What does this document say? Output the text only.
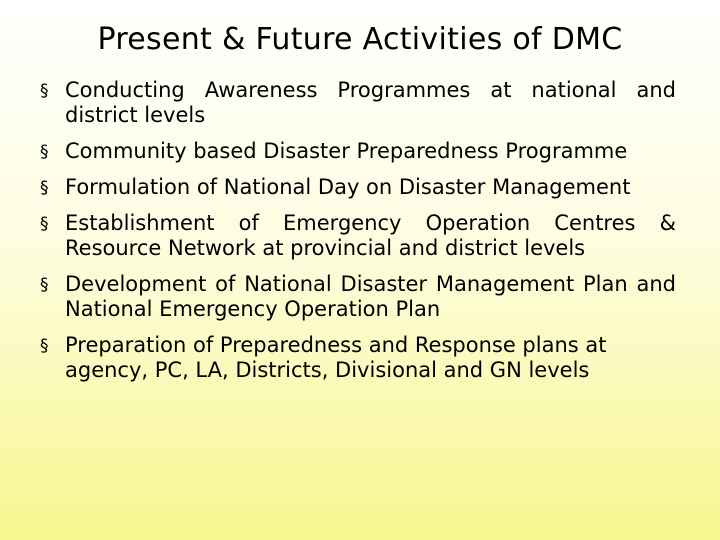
Present & Future Activities of DMC
§ Conducting Awareness Programmes at national and district levels
§ Community based Disaster Preparedness Programme
§ Formulation of National Day on Disaster Management
§ Establishment of Emergency Operation Centres & Resource Network at provincial and district levels
§ Development of National Disaster Management Plan and National Emergency Operation Plan
§ Preparation of Preparedness and Response plans at agency, PC, LA, Districts, Divisional and GN levels
